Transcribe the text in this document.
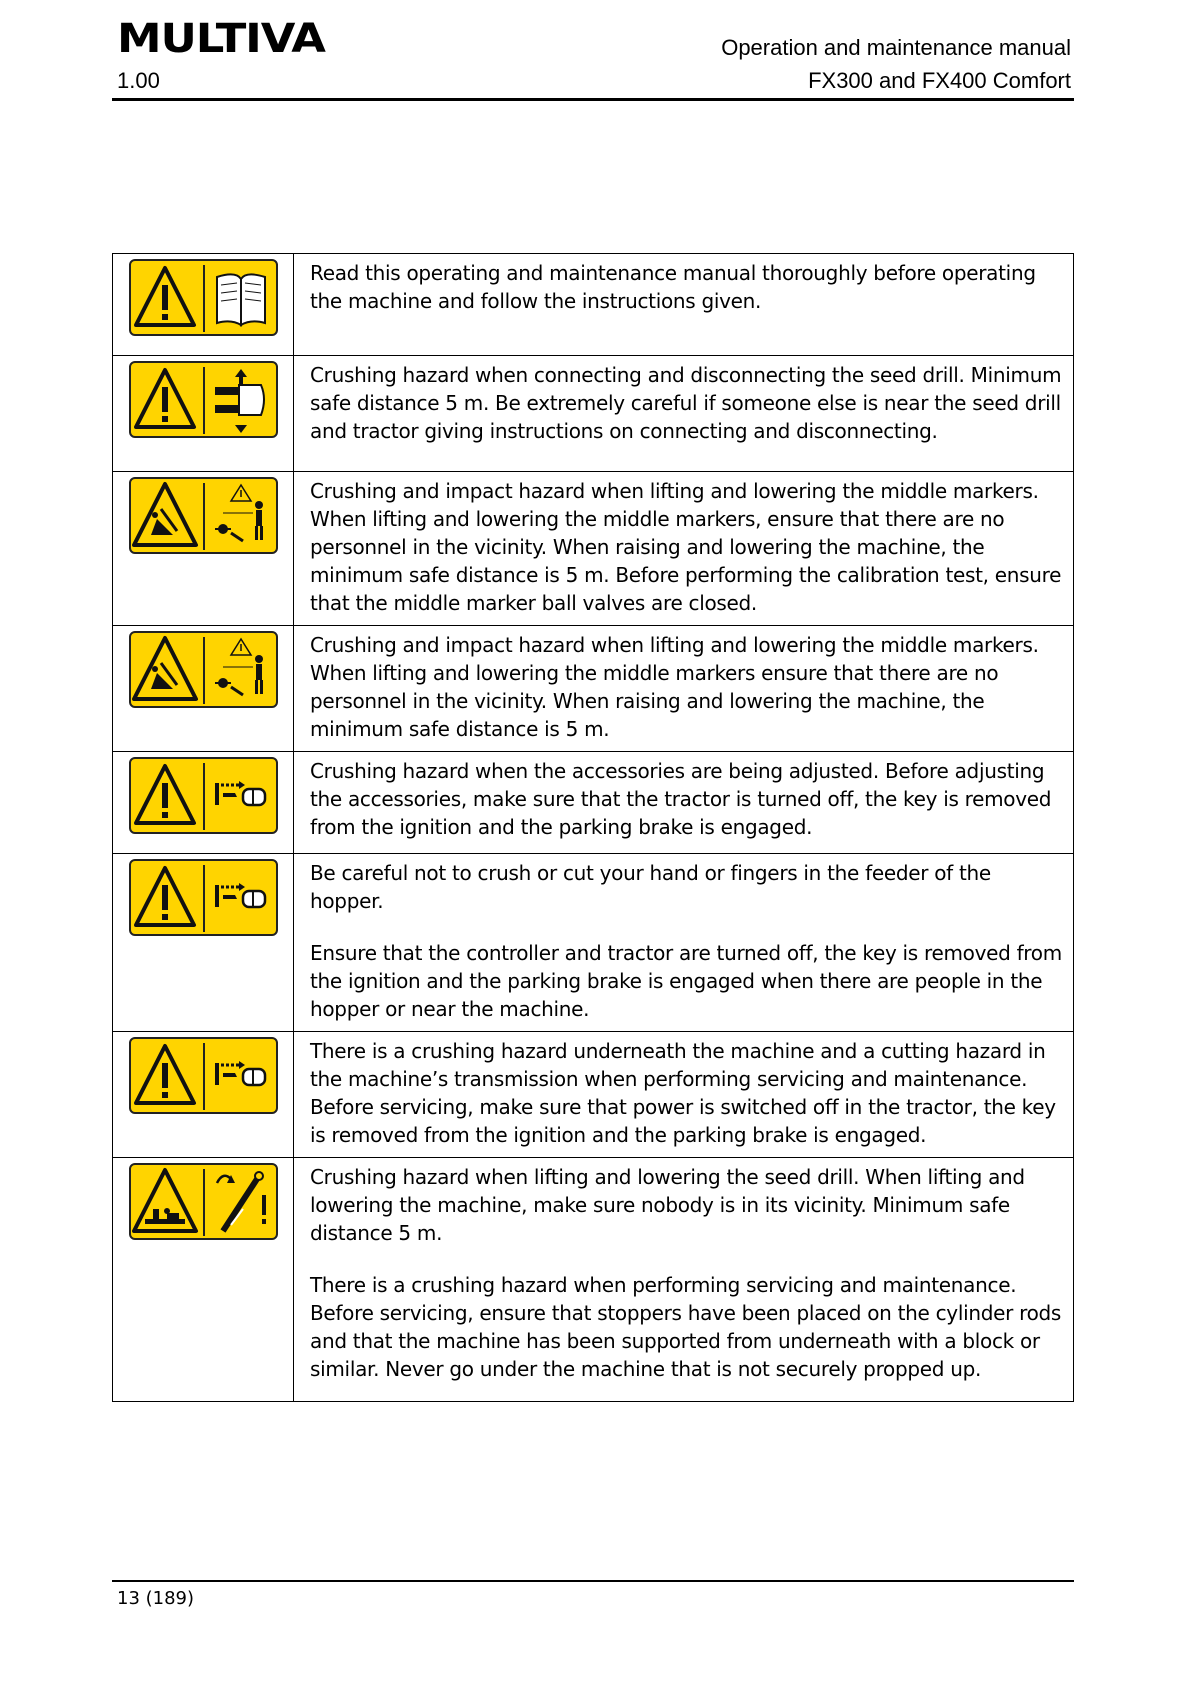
MULTIVA
1.00
Operation and maintenance manual
FX300 and FX400 Comfort

Read this operating and maintenance manual thoroughly before operating the machine and follow the instructions given.

Crushing hazard when connecting and disconnecting the seed drill. Minimum safe distance 5 m. Be extremely careful if someone else is near the seed drill and tractor giving instructions on connecting and disconnecting.

Crushing and impact hazard when lifting and lowering the middle markers. When lifting and lowering the middle markers, ensure that there are no personnel in the vicinity. When raising and lowering the machine, the minimum safe distance is 5 m. Before performing the calibration test, ensure that the middle marker ball valves are closed.

Crushing and impact hazard when lifting and lowering the middle markers. When lifting and lowering the middle markers ensure that there are no personnel in the vicinity. When raising and lowering the machine, the minimum safe distance is 5 m.

Crushing hazard when the accessories are being adjusted. Before adjusting the accessories, make sure that the tractor is turned off, the key is removed from the ignition and the parking brake is engaged.

Be careful not to crush or cut your hand or fingers in the feeder of the hopper.

Ensure that the controller and tractor are turned off, the key is removed from the ignition and the parking brake is engaged when there are people in the hopper or near the machine.

There is a crushing hazard underneath the machine and a cutting hazard in the machine’s transmission when performing servicing and maintenance. Before servicing, make sure that power is switched off in the tractor, the key is removed from the ignition and the parking brake is engaged.

Crushing hazard when lifting and lowering the seed drill. When lifting and lowering the machine, make sure nobody is in its vicinity. Minimum safe distance 5 m.

There is a crushing hazard when performing servicing and maintenance. Before servicing, ensure that stoppers have been placed on the cylinder rods and that the machine has been supported from underneath with a block or similar. Never go under the machine that is not securely propped up.

13 (189)
